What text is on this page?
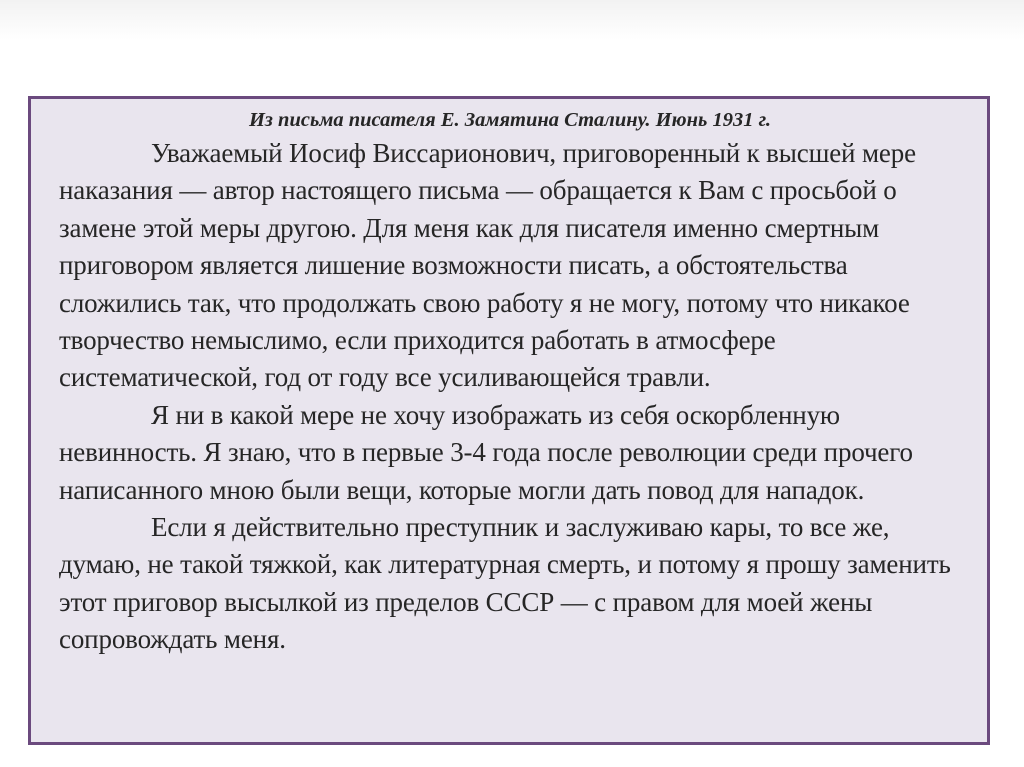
Из письма писателя Е. Замятина Сталину. Июнь 1931 г.

Уважаемый Иосиф Виссарионович, приговоренный к высшей мере наказания — автор настоящего письма — обращается к Вам с просьбой о замене этой меры другою. Для меня как для писателя именно смертным приговором является лишение возможности писать, а обстоятельства сложились так, что продолжать свою работу я не могу, потому что никакое творчество немыслимо, если приходится работать в атмосфере систематической, год от году все усиливающейся травли.

Я ни в какой мере не хочу изображать из себя оскорбленную невинность. Я знаю, что в первые 3-4 года после революции среди прочего написанного мною были вещи, которые могли дать повод для нападок.

Если я действительно преступник и заслуживаю кары, то все же, думаю, не такой тяжкой, как литературная смерть, и потому я прошу заменить этот приговор высылкой из пределов СССР — с правом для моей жены сопровождать меня.
